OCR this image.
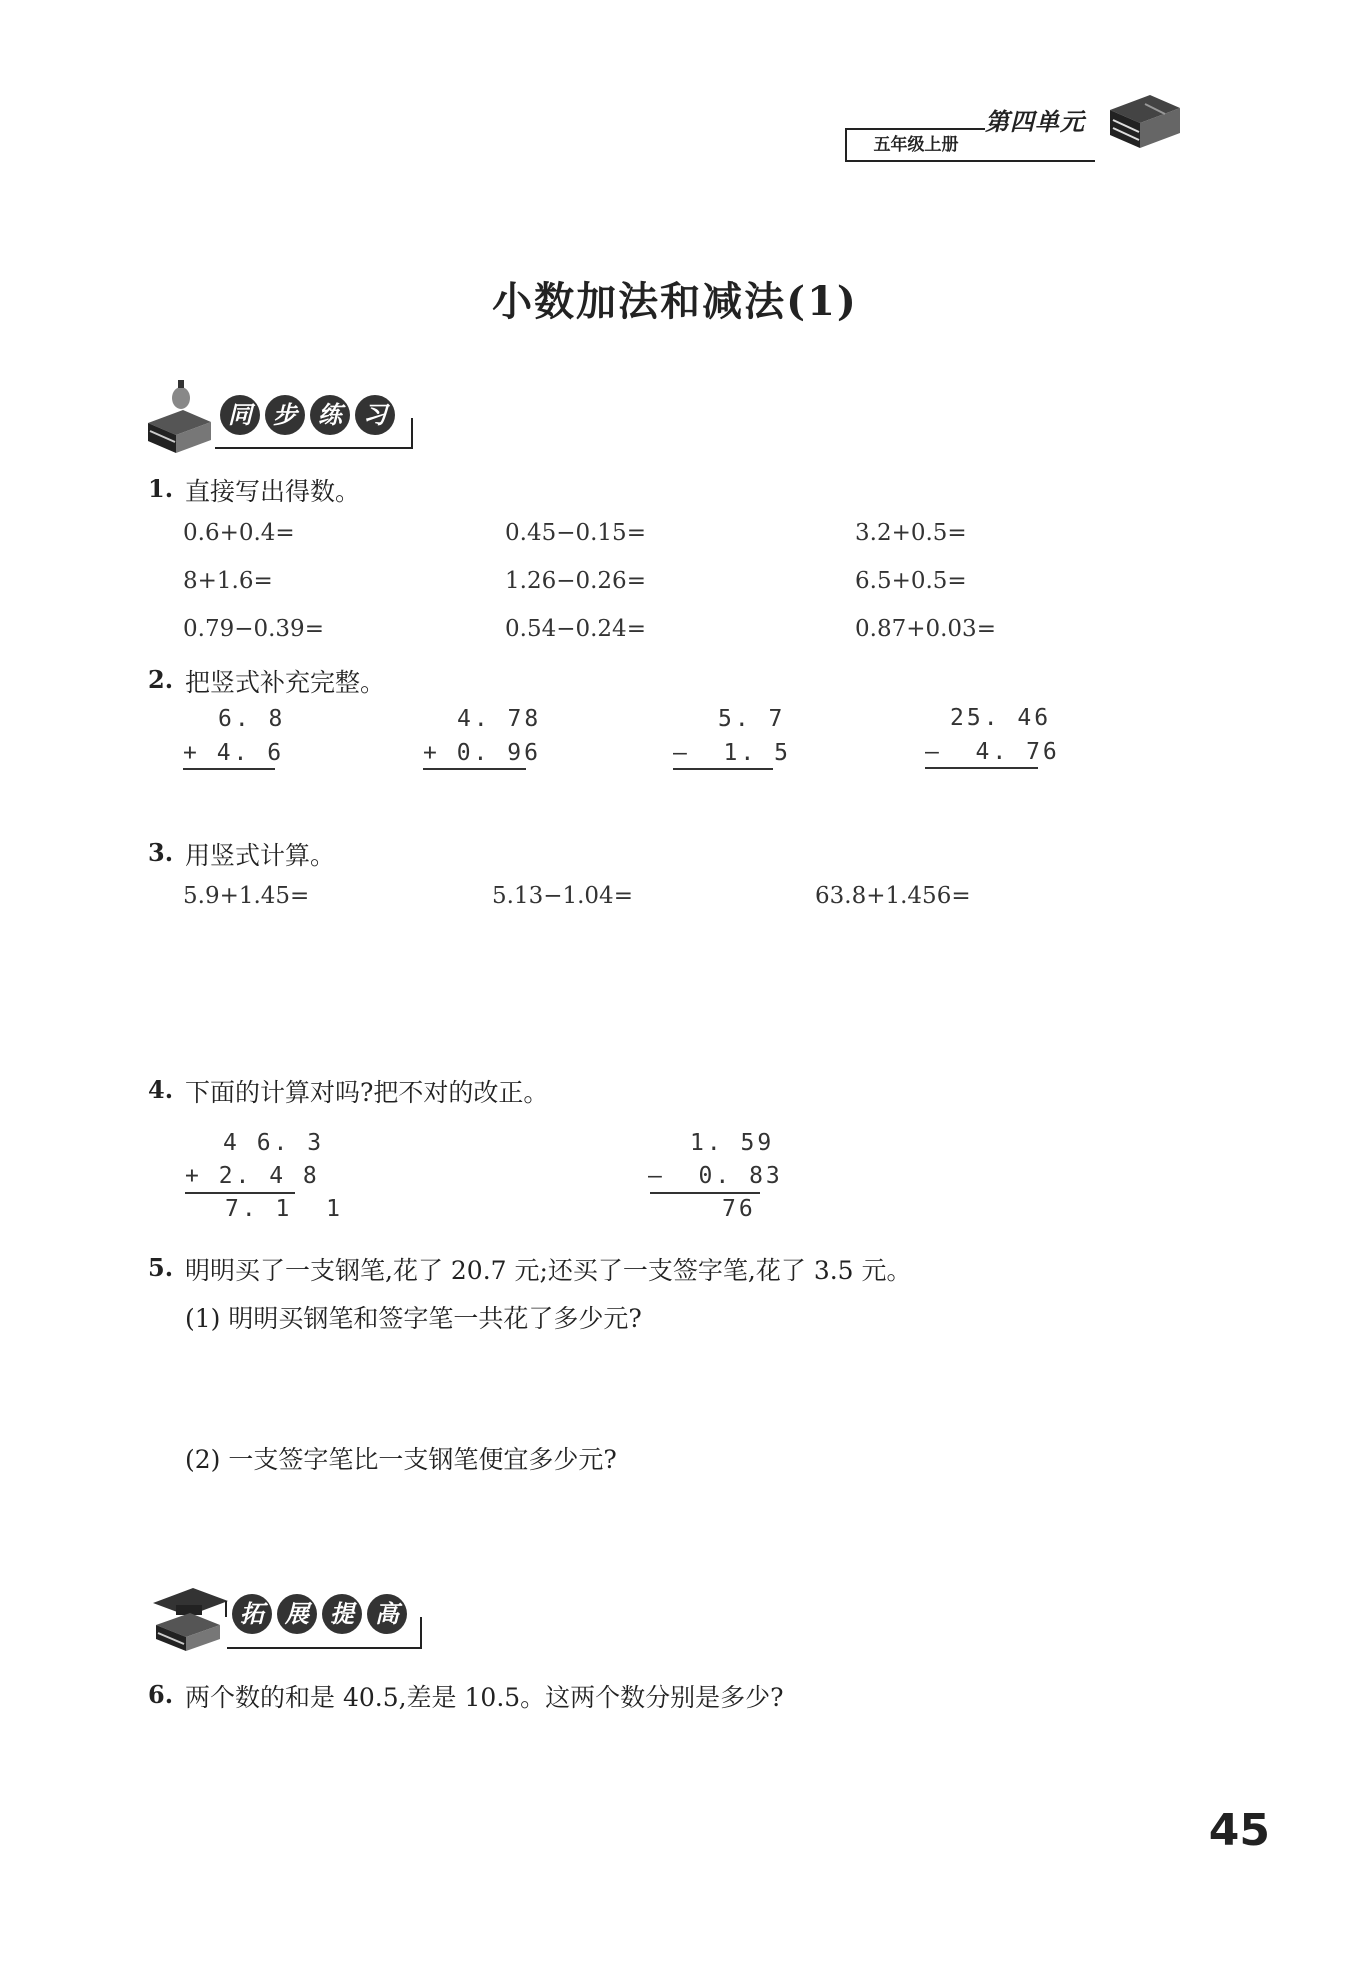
五年级上册
第四单元
小数加法和减法(1)
同 步 练 习
1. 直接写出得数。
0.6+0.4=	0.45−0.15=	3.2+0.5=
8+1.6=	1.26−0.26=	6.5+0.5=
0.79−0.39=	0.54−0.24=	0.87+0.03=
2. 把竖式补充完整。
6. 8
+ 4. 6
4. 78
+ 0. 96
5. 7
—  1. 5
25. 46
—  4. 76
3. 用竖式计算。
5.9+1.45=	5.13−1.04=	63.8+1.456=
4. 下面的计算对吗?把不对的改正。
4 6. 3
+ 2. 4 8
7. 1  1
1. 59
—  0. 83
76
5. 明明买了一支钢笔,花了 20.7 元;还买了一支签字笔,花了 3.5 元。
(1) 明明买钢笔和签字笔一共花了多少元?
(2) 一支签字笔比一支钢笔便宜多少元?
拓 展 提 高
6. 两个数的和是 40.5,差是 10.5。这两个数分别是多少?
45
